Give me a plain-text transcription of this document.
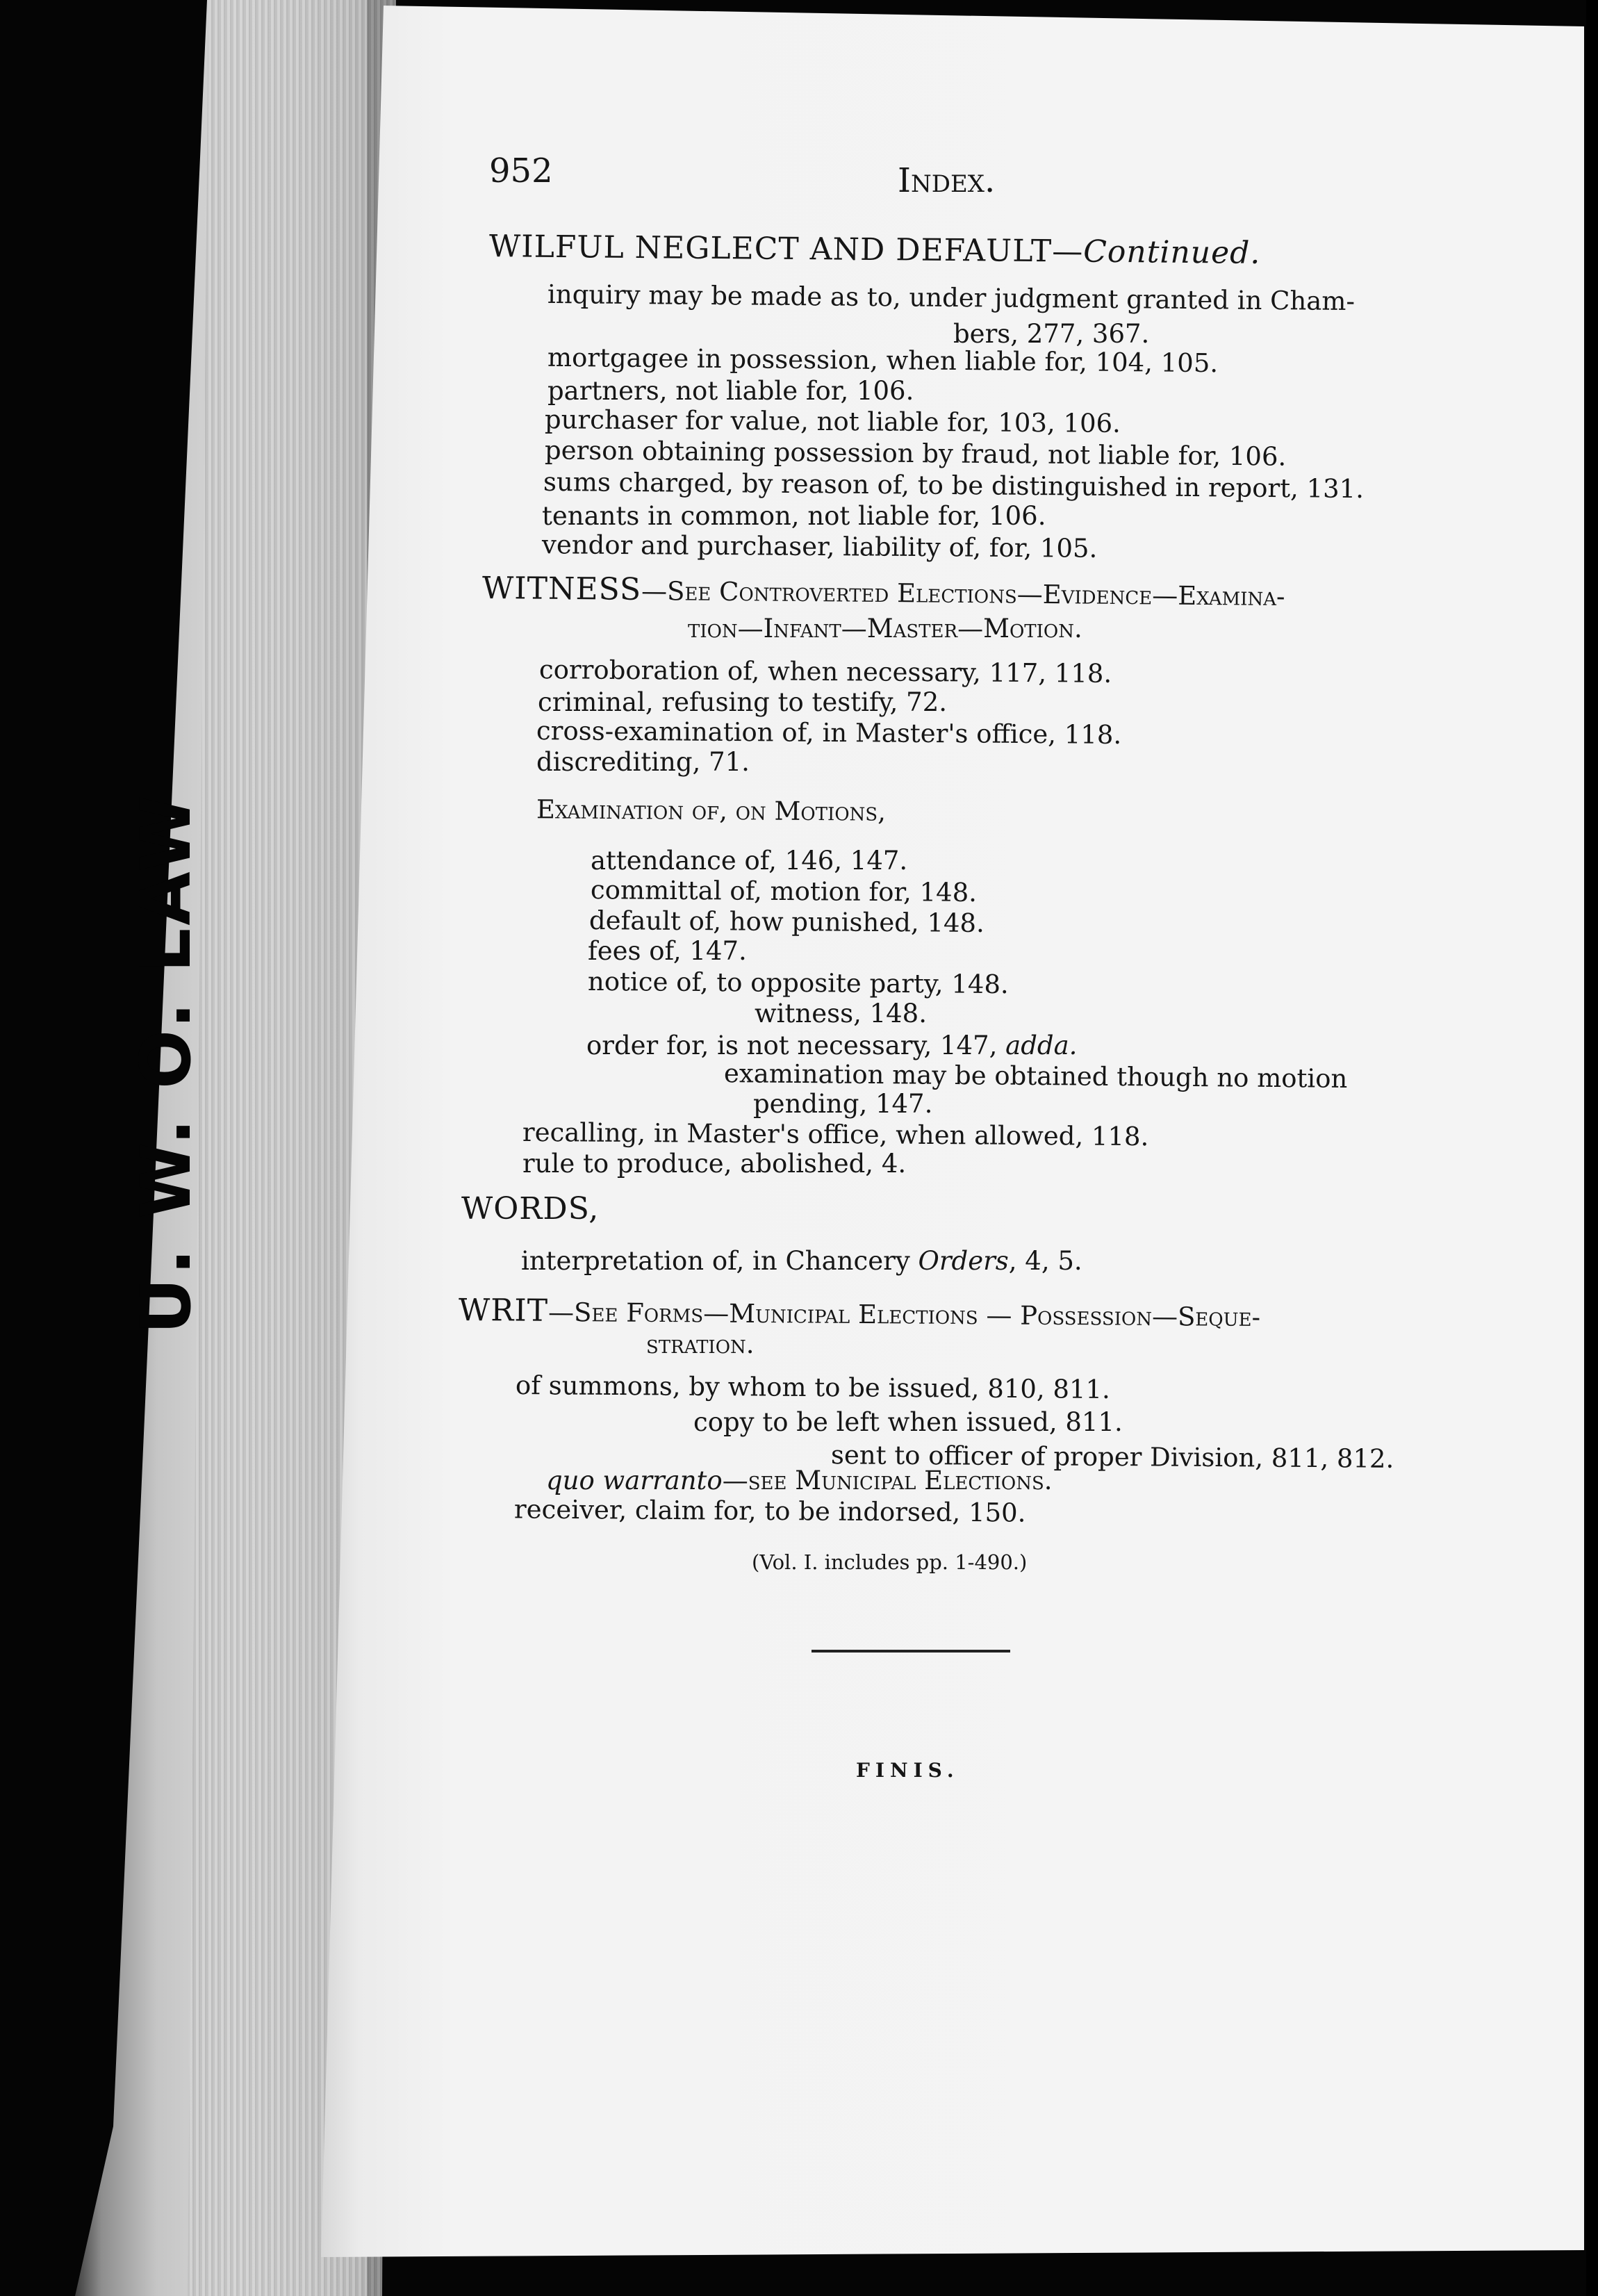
U. W. O. LAW
952	Index.
WILFUL NEGLECT AND DEFAULT—Continued.
inquiry may be made as to, under judgment granted in Cham-
bers, 277, 367.
mortgagee in possession, when liable for, 104, 105.
partners, not liable for, 106.
purchaser for value, not liable for, 103, 106.
person obtaining possession by fraud, not liable for, 106.
sums charged, by reason of, to be distinguished in report, 131.
tenants in common, not liable for, 106.
vendor and purchaser, liability of, for, 105.
WITNESS—See Controverted Elections—Evidence—Examina-
tion—Infant—Master—Motion.
corroboration of, when necessary, 117, 118.
criminal, refusing to testify, 72.
cross-examination of, in Master's office, 118.
discrediting, 71.
Examination of, on Motions,
attendance of, 146, 147.
committal of, motion for, 148.
default of, how punished, 148.
fees of, 147.
notice of, to opposite party, 148.
witness, 148.
order for, is not necessary, 147, adda.
examination may be obtained though no motion
pending, 147.
recalling, in Master's office, when allowed, 118.
rule to produce, abolished, 4.
WORDS,
interpretation of, in Chancery Orders, 4, 5.
WRIT—See Forms—Municipal Elections — Possession—Seque-
stration.
of summons, by whom to be issued, 810, 811.
copy to be left when issued, 811.
sent to officer of proper Division, 811, 812.
quo warranto—see Municipal Elections.
receiver, claim for, to be indorsed, 150.
(Vol. I. includes pp. 1-490.)
FINIS.
